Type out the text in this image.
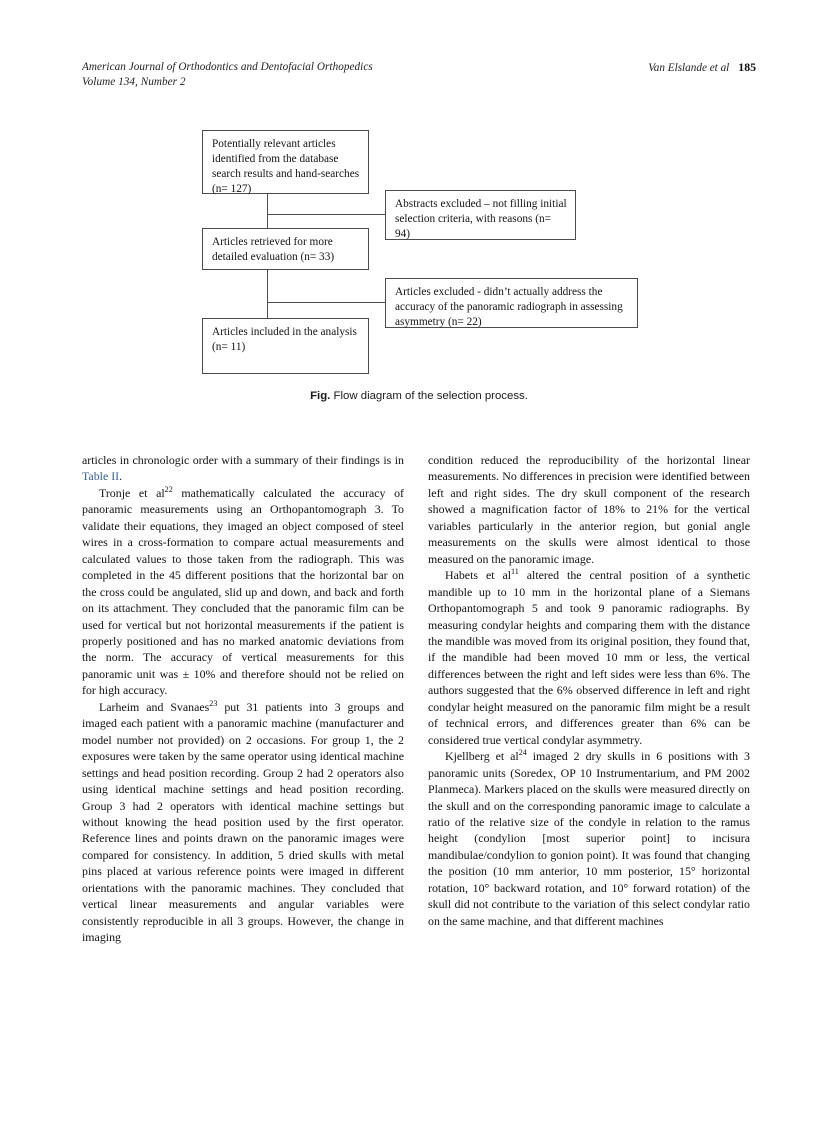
American Journal of Orthodontics and Dentofacial Orthopedics
Volume 134, Number 2
Van Elslande et al 185
Potentially relevant articles identified from the database search results and hand-searches (n= 127)
Abstracts excluded – not filling initial selection criteria, with reasons (n= 94)
Articles retrieved for more detailed evaluation (n= 33)
Articles excluded - didn’t actually address the accuracy of the panoramic radiograph in assessing asymmetry (n= 22)
Articles included in the analysis (n= 11)
Fig. Flow diagram of the selection process.

articles in chronologic order with a summary of their findings is in Table II.

Tronje et $al^{22}$ mathematically calculated the accuracy of panoramic measurements using an Orthopantomograph 3. To validate their equations, they imaged an object composed of steel wires in a cross-formation to compare actual measurements and calculated values to those taken from the radiograph. This was completed in the 45 different positions that the horizontal bar on the cross could be angulated, slid up and down, and back and forth on its attachment. They concluded that the panoramic film can be used for vertical but not horizontal measurements if the patient is properly positioned and has no marked anatomic deviations from the norm. The accuracy of vertical measurements for this panoramic unit was ± 10% and therefore should not be relied on for high accuracy.

Larheim and Svanaes$^{23}$ put 31 patients into 3 groups and imaged each patient with a panoramic machine (manufacturer and model number not provided) on 2 occasions. For group 1, the 2 exposures were taken by the same operator using identical machine settings and head position recording. Group 2 had 2 operators also using identical machine settings and head position recording. Group 3 had 2 operators with identical machine settings but without knowing the head position used by the first operator. Reference lines and points drawn on the panoramic images were compared for consistency. In addition, 5 dried skulls with metal pins placed at various reference points were imaged in different orientations with the panoramic machines. They concluded that vertical linear measurements and angular variables were consistently reproducible in all 3 groups. However, the change in imaging

condition reduced the reproducibility of the horizontal linear measurements. No differences in precision were identified between left and right sides. The dry skull component of the research showed a magnification factor of 18% to 21% for the vertical variables particularly in the anterior region, but gonial angle measurements on the skulls were almost identical to those measured on the panoramic image.

Habets et $al^{11}$ altered the central position of a synthetic mandible up to 10 mm in the horizontal plane of a Siemans Orthopantomograph 5 and took 9 panoramic radiographs. By measuring condylar heights and comparing them with the distance the mandible was moved from its original position, they found that, if the mandible had been moved 10 mm or less, the vertical differences between the right and left sides were less than 6%. The authors suggested that the 6% observed difference in left and right condylar height measured on the panoramic film might be a result of technical errors, and differences greater than 6% can be considered true vertical condylar asymmetry.

Kjellberg et $al^{24}$ imaged 2 dry skulls in 6 positions with 3 panoramic units (Soredex, OP 10 Instrumentarium, and PM 2002 Planmeca). Markers placed on the skulls were measured directly on the skull and on the corresponding panoramic image to calculate a ratio of the relative size of the condyle in relation to the ramus height (condylion [most superior point] to incisura mandibulae/condylion to gonion point). It was found that changing the position (10 mm anterior, 10 mm posterior, 15° horizontal rotation, 10° backward rotation, and 10° forward rotation) of the skull did not contribute to the variation of this select condylar ratio on the same machine, and that different machines
